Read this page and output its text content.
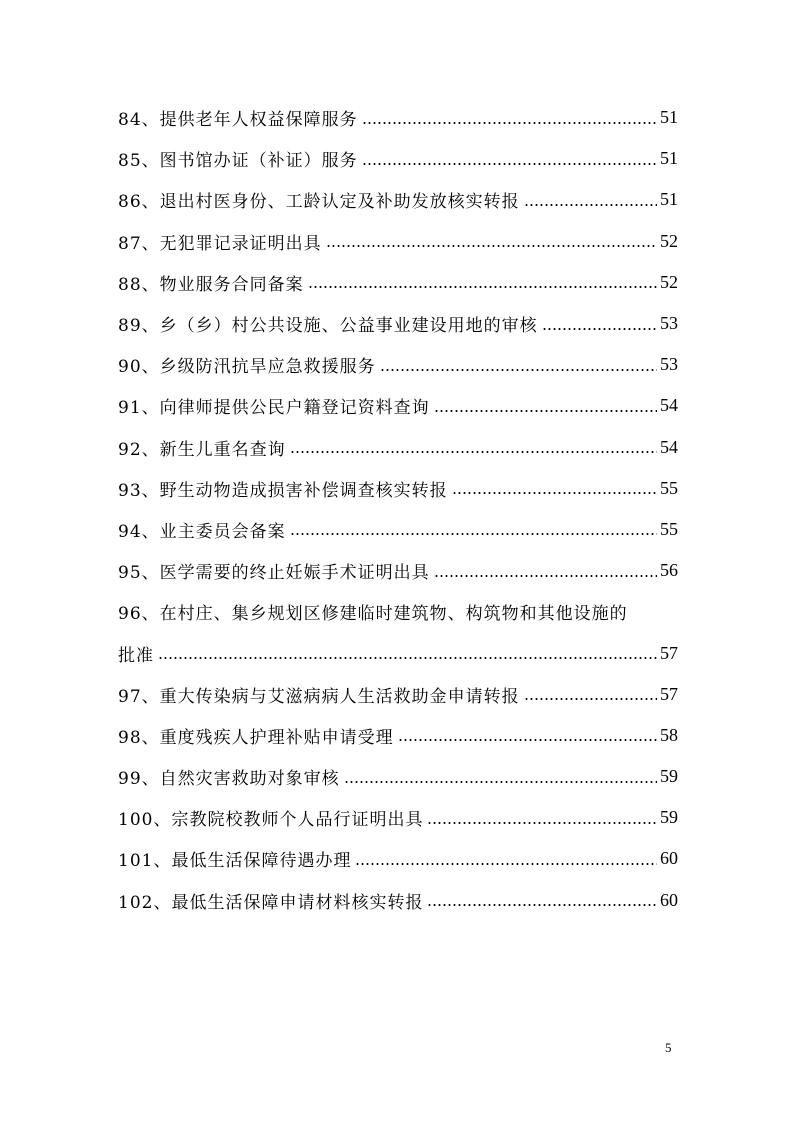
84、提供老年人权益保障服务	51
85、图书馆办证（补证）服务	51
86、退出村医身份、工龄认定及补助发放核实转报	51
87、无犯罪记录证明出具	52
88、物业服务合同备案	52
89、乡（乡）村公共设施、公益事业建设用地的审核	53
90、乡级防汛抗旱应急救援服务	53
91、向律师提供公民户籍登记资料查询	54
92、新生儿重名查询	54
93、野生动物造成损害补偿调查核实转报	55
94、业主委员会备案	55
95、医学需要的终止妊娠手术证明出具	56
96、在村庄、集乡规划区修建临时建筑物、构筑物和其他设施的
批准	57
97、重大传染病与艾滋病病人生活救助金申请转报	57
98、重度残疾人护理补贴申请受理	58
99、自然灾害救助对象审核	59
100、宗教院校教师个人品行证明出具	59
101、最低生活保障待遇办理	60
102、最低生活保障申请材料核实转报	60
5
